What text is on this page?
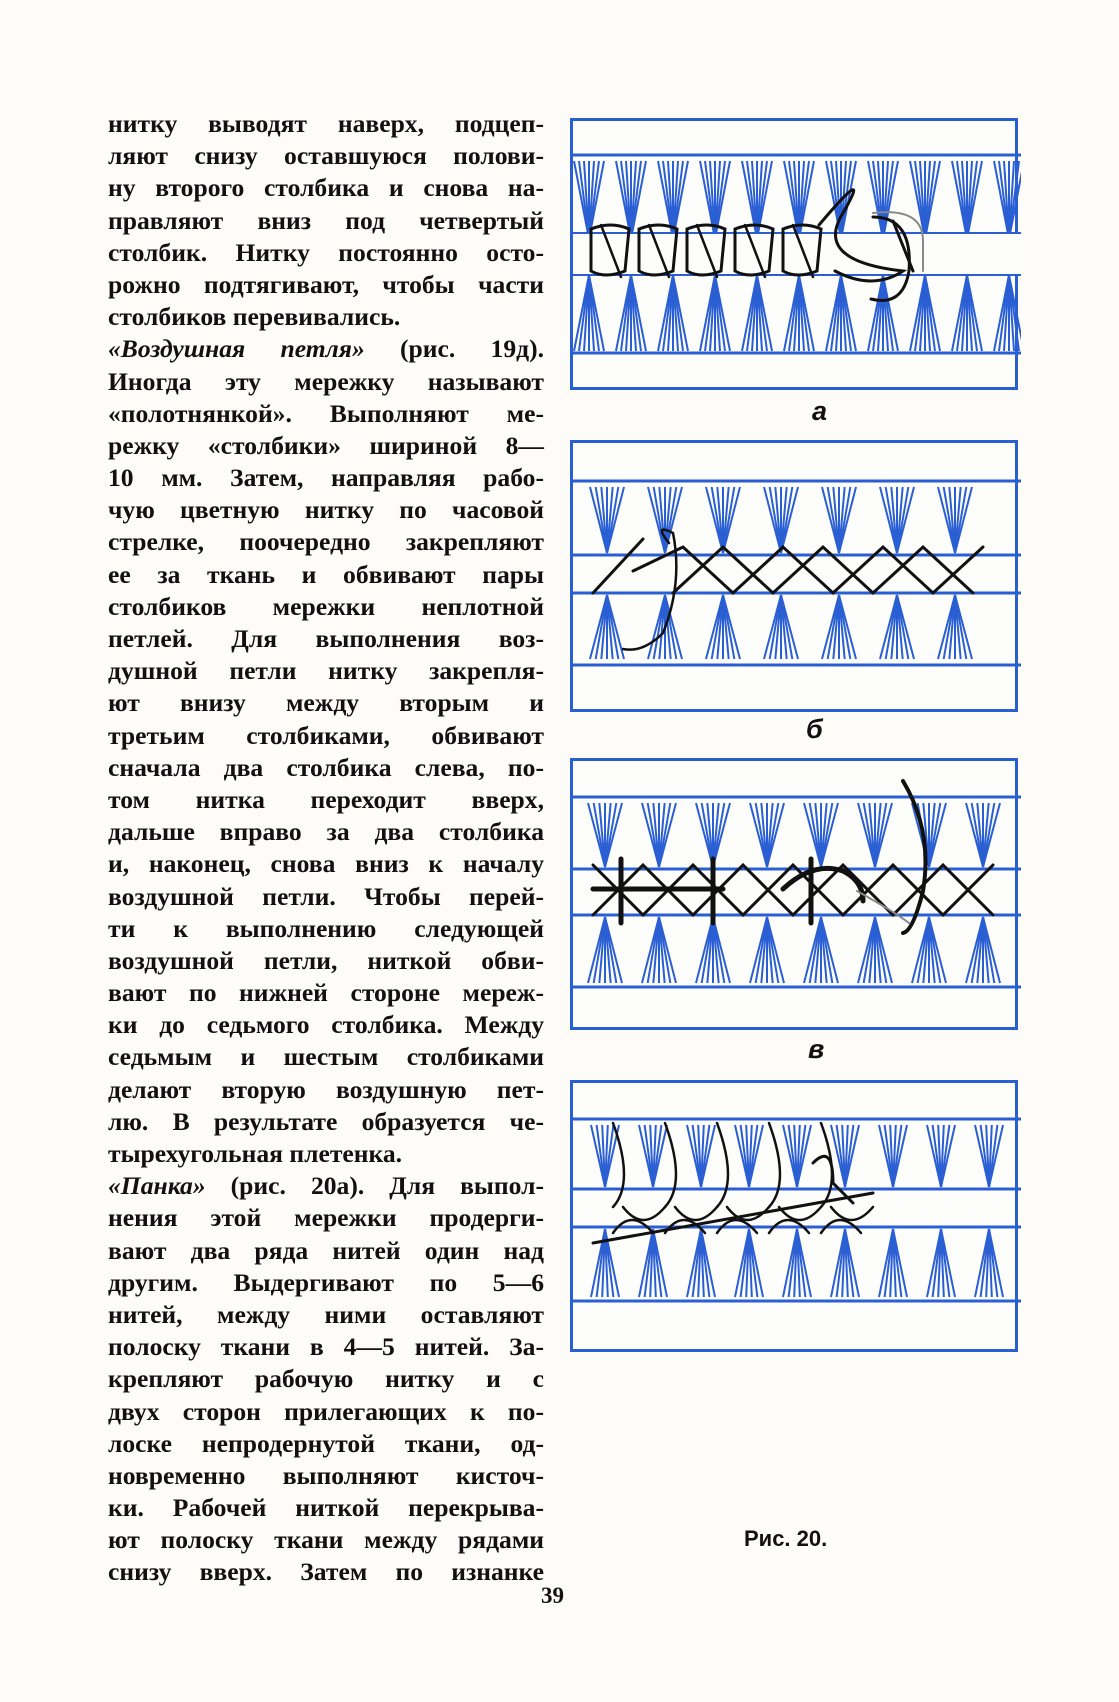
нитку выводят наверх, подцеп-
ляют снизу оставшуюся полови-
ну второго столбика и снова на-
правляют вниз под четвертый
столбик. Нитку постоянно осто-
рожно подтягивают, чтобы части
столбиков перевивались.
«Воздушная петля» (рис. 19д).
Иногда эту мережку называют
«полотнянкой». Выполняют ме-
режку «столбики» шириной 8—
10 мм. Затем, направляя рабо-
чую цветную нитку по часовой
стрелке, поочередно закрепляют
ее за ткань и обвивают пары
столбиков мережки неплотной
петлей. Для выполнения воз-
душной петли нитку закрепля-
ют внизу между вторым и
третьим столбиками, обвивают
сначала два столбика слева, по-
том нитка переходит вверх,
дальше вправо за два столбика
и, наконец, снова вниз к началу
воздушной петли. Чтобы перей-
ти к выполнению следующей
воздушной петли, ниткой обви-
вают по нижней стороне мереж-
ки до седьмого столбика. Между
седьмым и шестым столбиками
делают вторую воздушную пет-
лю. В результате образуется че-
тырехугольная плетенка.
«Панка» (рис. 20а). Для выпол-
нения этой мережки продерги-
вают два ряда нитей один над
другим. Выдергивают по 5—6
нитей, между ними оставляют
полоску ткани в 4—5 нитей. За-
крепляют рабочую нитку и с
двух сторон прилегающих к по-
лоске непродернутой ткани, од-
новременно выполняют кисточ-
ки. Рабочей ниткой перекрыва-
ют полоску ткани между рядами
снизу вверх. Затем по изнанке
а
б
в
Рис. 20.
39
